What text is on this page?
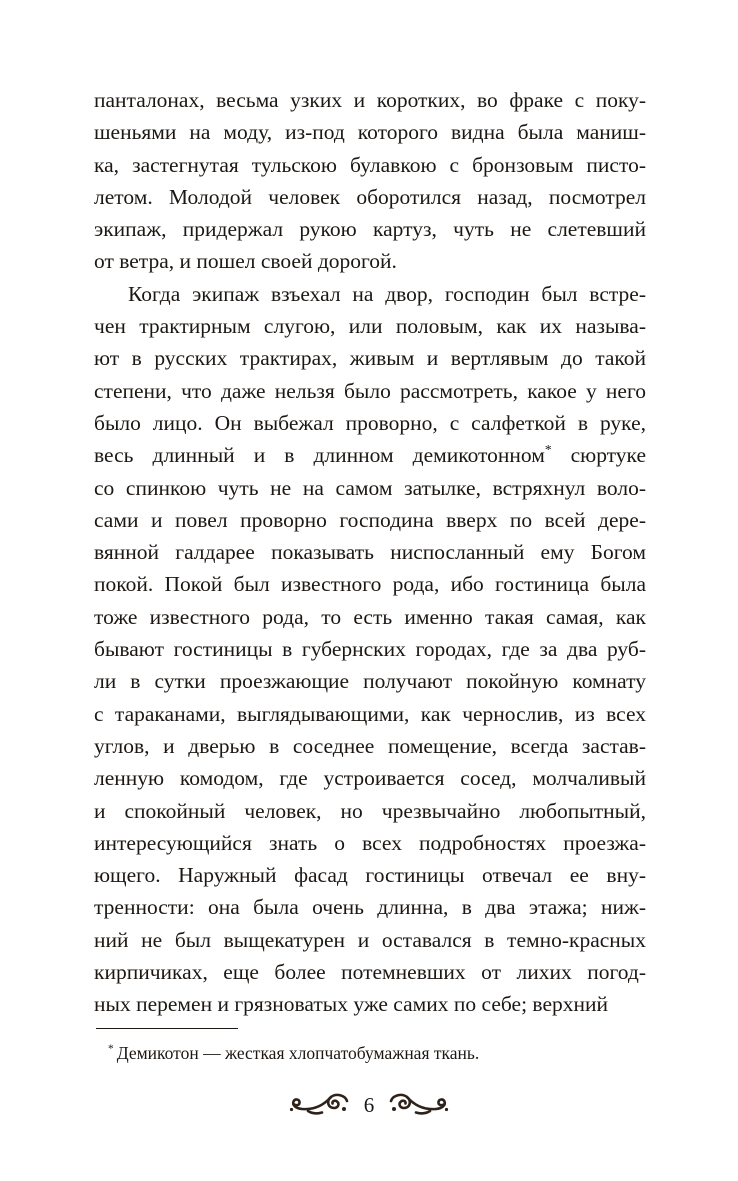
панталонах, весьма узких и коротких, во фраке с поку-
шеньями на моду, из-под которого видна была маниш-
ка, застегнутая тульскою булавкою с бронзовым писто-
летом. Молодой человек оборотился назад, посмотрел
экипаж, придержал рукою картуз, чуть не слетевший
от ветра, и пошел своей дорогой.
Когда экипаж взъехал на двор, господин был встре-
чен трактирным слугою, или половым, как их называ-
ют в русских трактирах, живым и вертлявым до такой
степени, что даже нельзя было рассмотреть, какое у него
было лицо. Он выбежал проворно, с салфеткой в руке,
весь длинный и в длинном демикотонном* сюртуке
со спинкою чуть не на самом затылке, встряхнул воло-
сами и повел проворно господина вверх по всей дере-
вянной галдарее показывать ниспосланный ему Богом
покой. Покой был известного рода, ибо гостиница была
тоже известного рода, то есть именно такая самая, как
бывают гостиницы в губернских городах, где за два руб-
ли в сутки проезжающие получают покойную комнату
с тараканами, выглядывающими, как чернослив, из всех
углов, и дверью в соседнее помещение, всегда застав-
ленную комодом, где устроивается сосед, молчаливый
и спокойный человек, но чрезвычайно любопытный,
интересующийся знать о всех подробностях проезжа-
ющего. Наружный фасад гостиницы отвечал ее вну-
тренности: она была очень длинна, в два этажа; ниж-
ний не был выщекатурен и оставался в темно-красных
кирпичиках, еще более потемневших от лихих погод-
ных перемен и грязноватых уже самих по себе; верхний
* Демикотон — жесткая хлопчатобумажная ткань.
6
